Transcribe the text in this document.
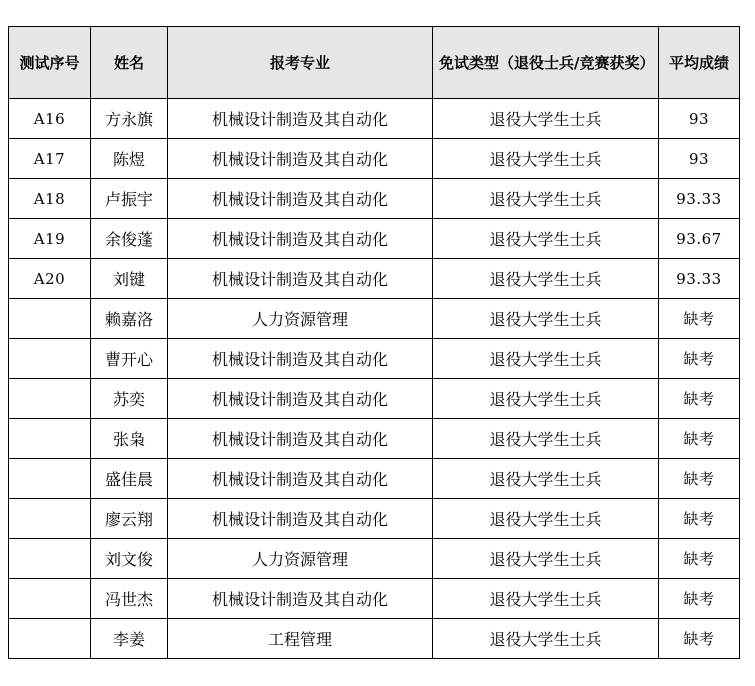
测试序号	姓名	报考专业	免试类型（退役士兵/竞赛获奖）	平均成绩
A16	方永旗	机械设计制造及其自动化	退役大学生士兵	93
A17	陈煜	机械设计制造及其自动化	退役大学生士兵	93
A18	卢振宇	机械设计制造及其自动化	退役大学生士兵	93.33
A19	余俊蓬	机械设计制造及其自动化	退役大学生士兵	93.67
A20	刘键	机械设计制造及其自动化	退役大学生士兵	93.33
	赖嘉洛	人力资源管理	退役大学生士兵	缺考
	曹开心	机械设计制造及其自动化	退役大学生士兵	缺考
	苏奕	机械设计制造及其自动化	退役大学生士兵	缺考
	张枭	机械设计制造及其自动化	退役大学生士兵	缺考
	盛佳晨	机械设计制造及其自动化	退役大学生士兵	缺考
	廖云翔	机械设计制造及其自动化	退役大学生士兵	缺考
	刘文俊	人力资源管理	退役大学生士兵	缺考
	冯世杰	机械设计制造及其自动化	退役大学生士兵	缺考
	李姜	工程管理	退役大学生士兵	缺考
